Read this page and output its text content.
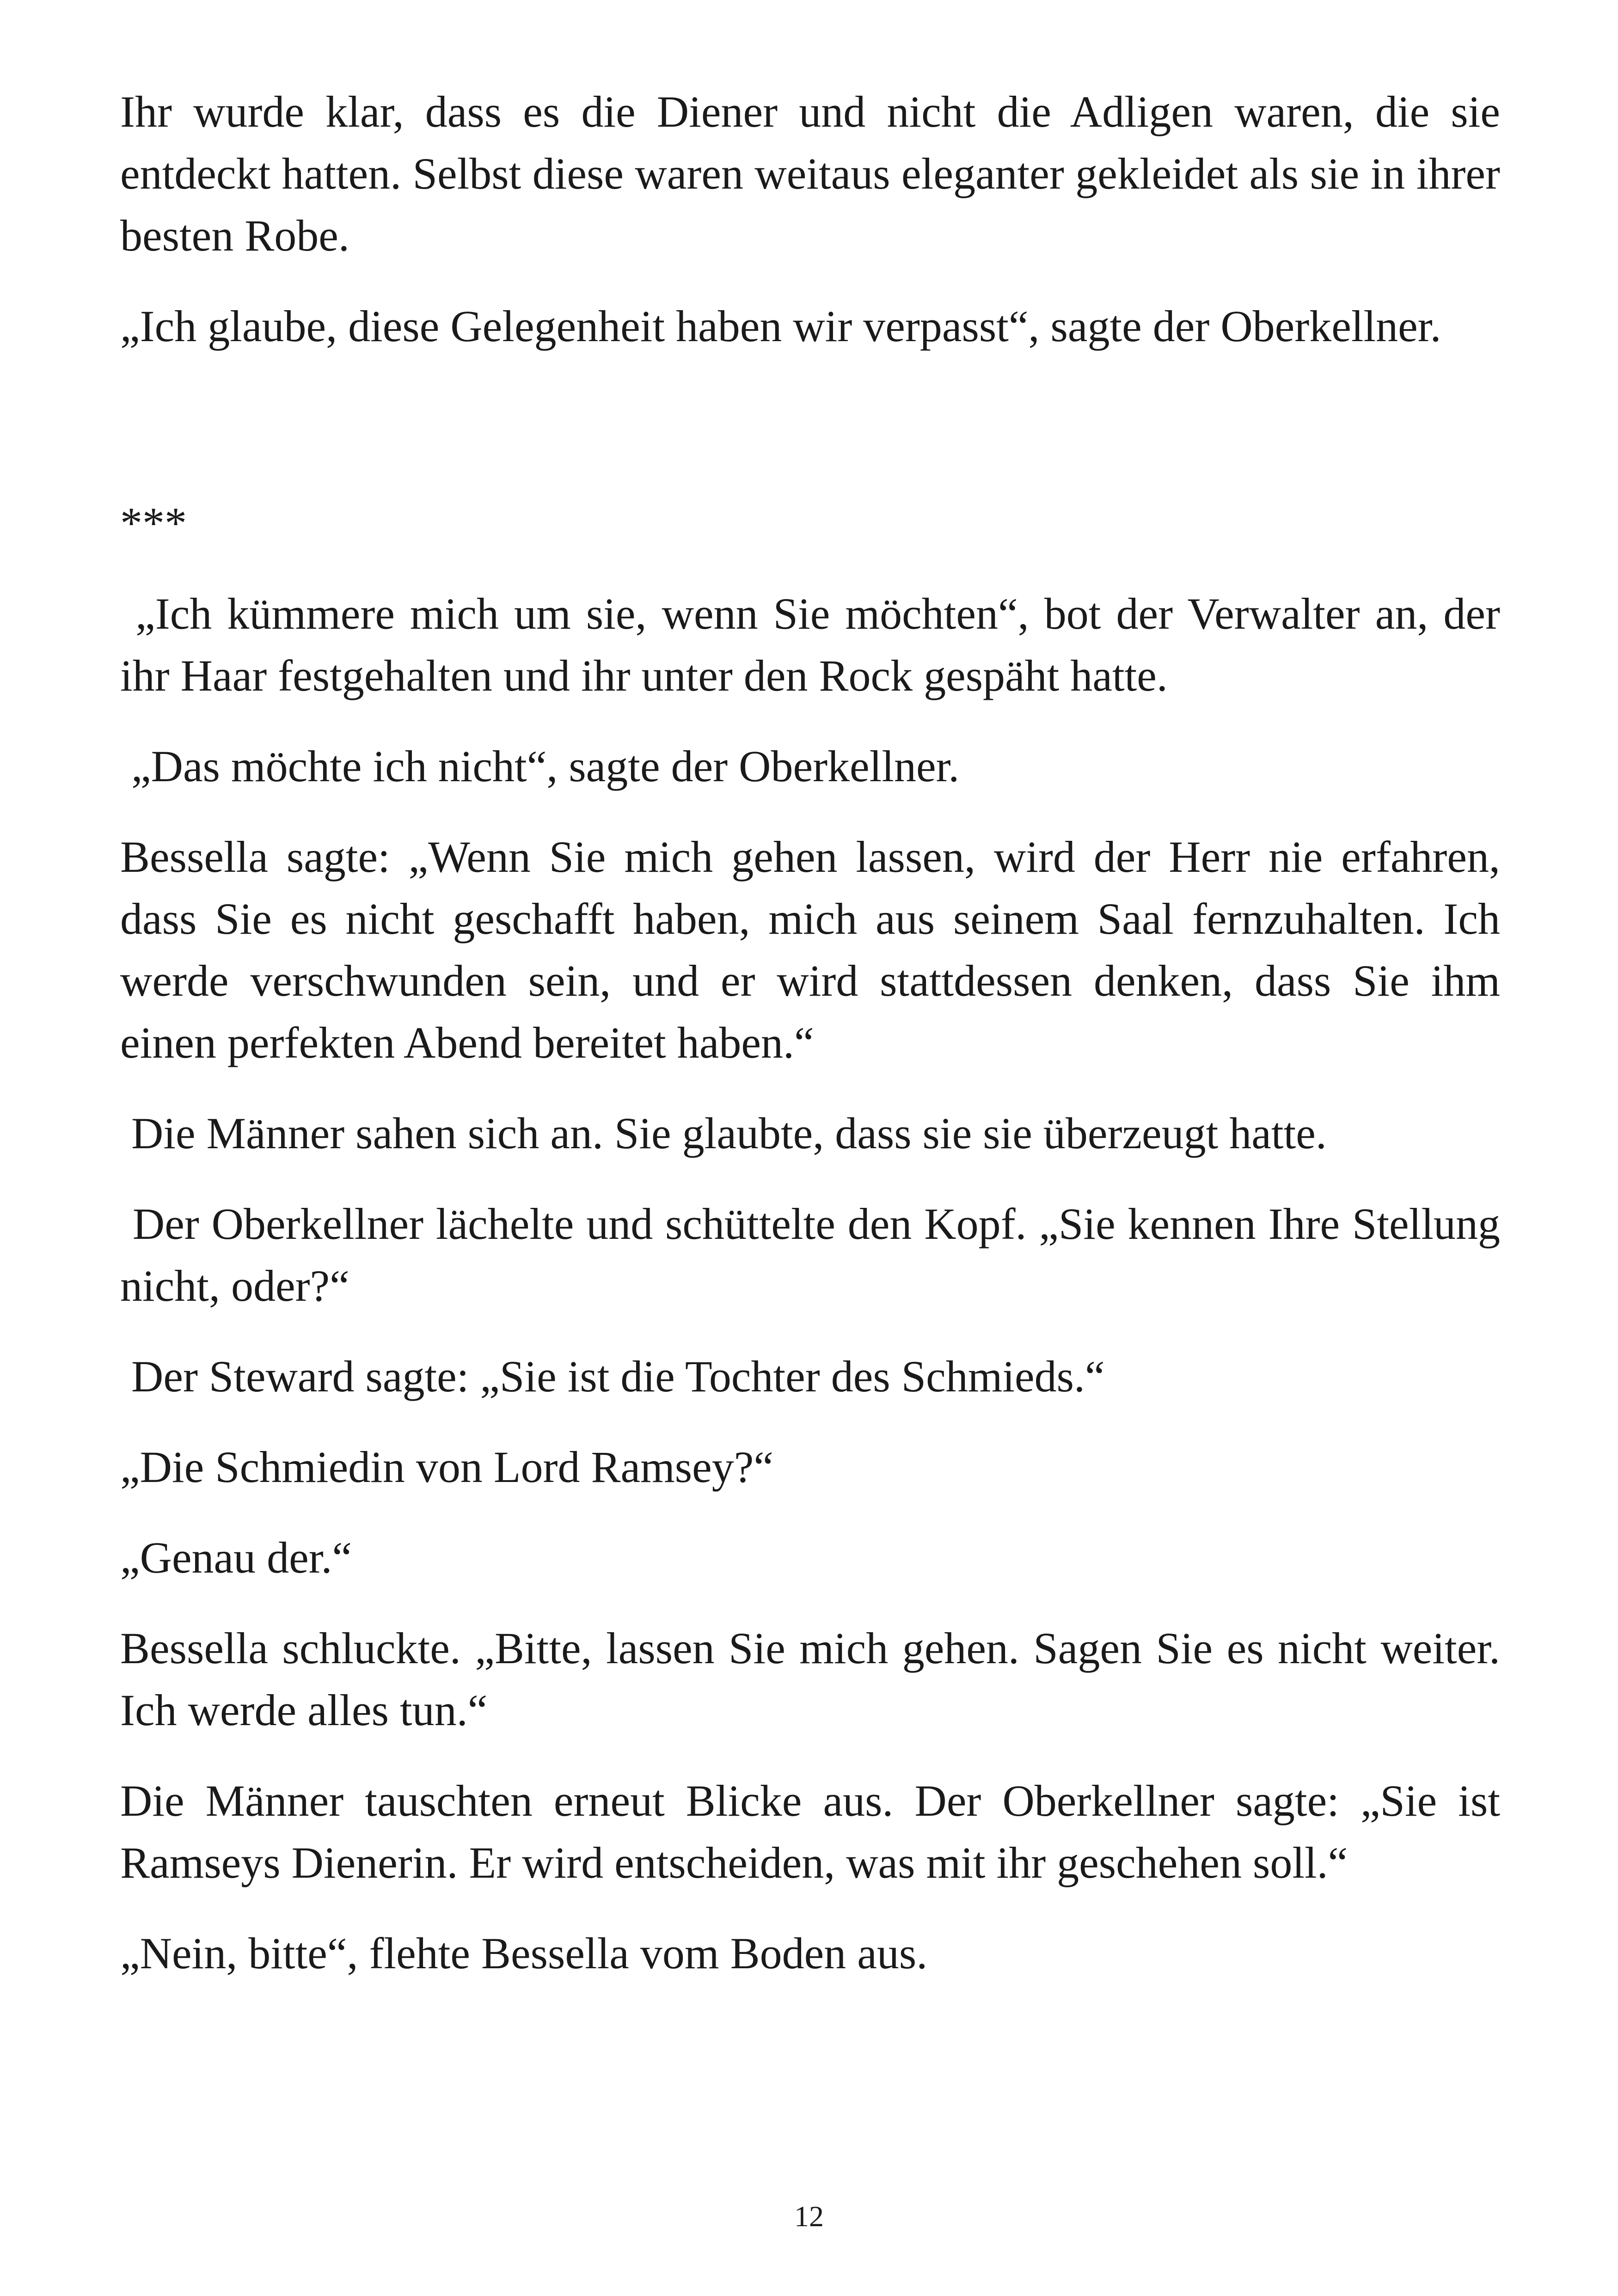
Ihr wurde klar, dass es die Diener und nicht die Adligen waren, die sie entdeckt hatten. Selbst diese waren weitaus eleganter gekleidet als sie in ihrer besten Robe.

„Ich glaube, diese Gelegenheit haben wir verpasst“, sagte der Oberkellner.

***

„Ich kümmere mich um sie, wenn Sie möchten“, bot der Verwalter an, der ihr Haar festgehalten und ihr unter den Rock gespäht hatte.

„Das möchte ich nicht“, sagte der Oberkellner.

Bessella sagte: „Wenn Sie mich gehen lassen, wird der Herr nie erfahren, dass Sie es nicht geschafft haben, mich aus seinem Saal fernzuhalten. Ich werde verschwunden sein, und er wird stattdessen denken, dass Sie ihm einen perfekten Abend bereitet haben.“

Die Männer sahen sich an. Sie glaubte, dass sie sie überzeugt hatte.

Der Oberkellner lächelte und schüttelte den Kopf. „Sie kennen Ihre Stellung nicht, oder?“

Der Steward sagte: „Sie ist die Tochter des Schmieds.“

„Die Schmiedin von Lord Ramsey?“

„Genau der.“

Bessella schluckte. „Bitte, lassen Sie mich gehen. Sagen Sie es nicht weiter. Ich werde alles tun.“

Die Männer tauschten erneut Blicke aus. Der Oberkellner sagte: „Sie ist Ramseys Dienerin. Er wird entscheiden, was mit ihr geschehen soll.“

„Nein, bitte“, flehte Bessella vom Boden aus.

12
